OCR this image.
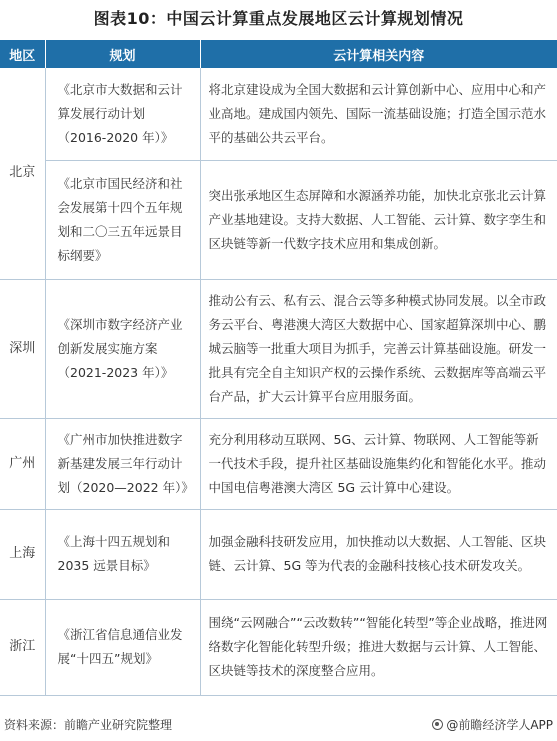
图表10：中国云计算重点发展地区云计算规划情况
地区	规划	云计算相关内容
北京	《北京市大数据和云计算发展行动计划（2016-2020 年）》	将北京建设成为全国大数据和云计算创新中心、应用中心和产业高地。建成国内领先、国际一流基础设施；打造全国示范水平的基础公共云平台。
	《北京市国民经济和社会发展第十四个五年规划和二〇三五年远景目标纲要》	突出张承地区生态屏障和水源涵养功能，加快北京张北云计算产业基地建设。支持大数据、人工智能、云计算、数字孪生和区块链等新一代数字技术应用和集成创新。
深圳	《深圳市数字经济产业创新发展实施方案（2021-2023 年）》	推动公有云、私有云、混合云等多种模式协同发展。以全市政务云平台、粤港澳大湾区大数据中心、国家超算深圳中心、鹏城云脑等一批重大项目为抓手，完善云计算基础设施。研发一批具有完全自主知识产权的云操作系统、云数据库等高端云平台产品，扩大云计算平台应用服务面。
广州	《广州市加快推进数字新基建发展三年行动计划（2020—2022 年）》	充分利用移动互联网、5G、云计算、物联网、人工智能等新一代技术手段，提升社区基础设施集约化和智能化水平。推动中国电信粤港澳大湾区 5G 云计算中心建设。
上海	《上海十四五规划和 2035 远景目标》	加强金融科技研发应用，加快推动以大数据、人工智能、区块链、云计算、5G 等为代表的金融科技核心技术研发攻关。
浙江	《浙江省信息通信业发展“十四五”规划》	围绕“云网融合”“云改数转”“智能化转型”等企业战略，推进网络数字化智能化转型升级；推进大数据与云计算、人工智能、区块链等技术的深度整合应用。
资料来源：前瞻产业研究院整理	@前瞻经济学人APP
